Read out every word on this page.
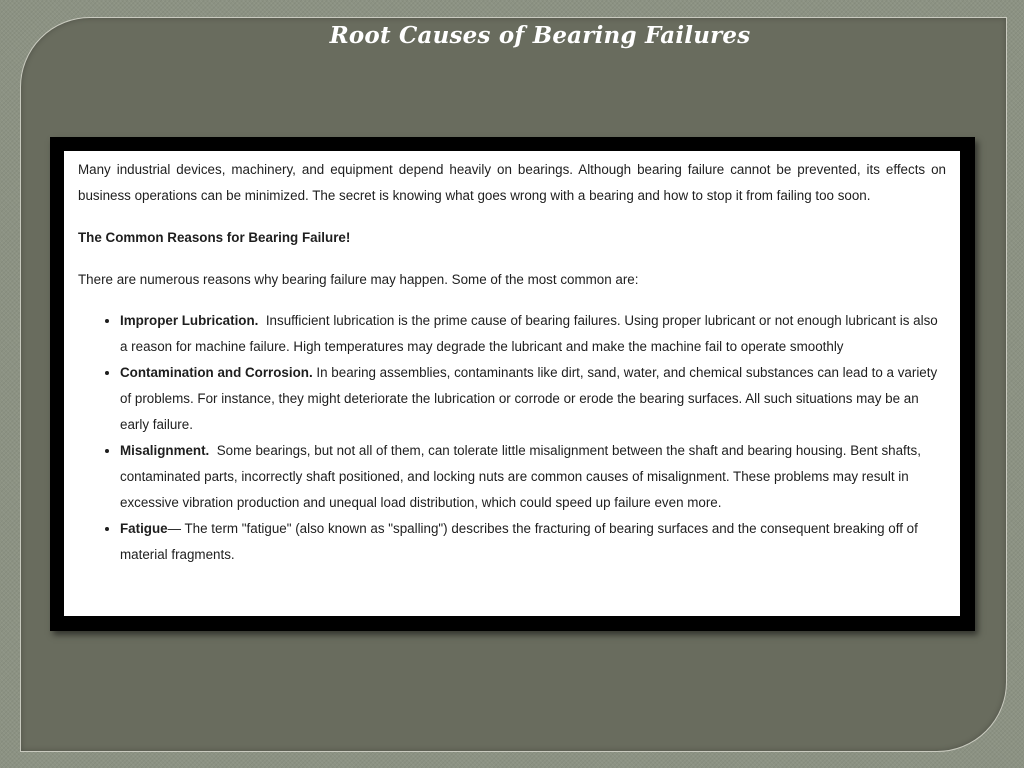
Root Causes of Bearing Failures

Many industrial devices, machinery, and equipment depend heavily on bearings. Although bearing failure cannot be prevented, its effects on business operations can be minimized. The secret is knowing what goes wrong with a bearing and how to stop it from failing too soon.

The Common Reasons for Bearing Failure!

There are numerous reasons why bearing failure may happen. Some of the most common are:

• Improper Lubrication.  Insufficient lubrication is the prime cause of bearing failures. Using proper lubricant or not enough lubricant is also a reason for machine failure. High temperatures may degrade the lubricant and make the machine fail to operate smoothly
• Contamination and Corrosion. In bearing assemblies, contaminants like dirt, sand, water, and chemical substances can lead to a variety of problems. For instance, they might deteriorate the lubrication or corrode or erode the bearing surfaces. All such situations may be an early failure.
• Misalignment.  Some bearings, but not all of them, can tolerate little misalignment between the shaft and bearing housing. Bent shafts, contaminated parts, incorrectly shaft positioned, and locking nuts are common causes of misalignment. These problems may result in excessive vibration production and unequal load distribution, which could speed up failure even more.
• Fatigue— The term "fatigue" (also known as "spalling") describes the fracturing of bearing surfaces and the consequent breaking off of material fragments.
